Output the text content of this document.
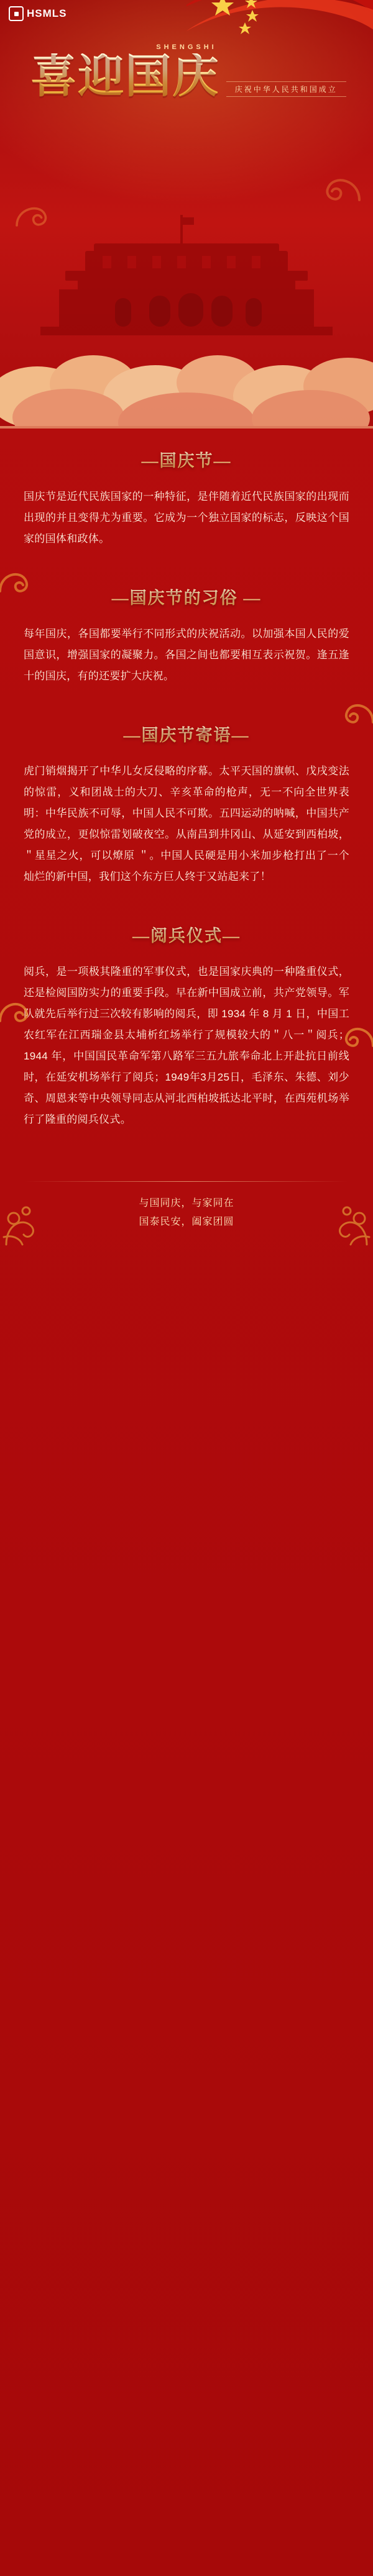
HSMLS
SHENGSHI
喜迎国庆 庆祝中华人民共和国成立
—国庆节—

国庆节是近代民族国家的一种特征，是伴随着近代民族国家的出现而出现的并且变得尤为重要。它成为一个独立国家的标志，反映这个国家的国体和政体。

—国庆节的习俗 —

每年国庆，各国都要举行不同形式的庆祝活动。以加强本国人民的爱国意识，增强国家的凝聚力。各国之间也都要相互表示祝贺。逢五逢十的国庆，有的还要扩大庆祝。

—国庆节寄语—

虎门销烟揭开了中华儿女反侵略的序幕。太平天国的旗帜、戊戌变法的惊雷，义和团战士的大刀、辛亥革命的枪声，无一不向全世界表明：中华民族不可辱，中国人民不可欺。五四运动的呐喊，中国共产党的成立，更似惊雷划破夜空。从南昌到井冈山、从延安到西柏坡，＂星星之火，可以燎原 ＂。中国人民硬是用小米加步枪打出了一个灿烂的新中国，我们这个东方巨人终于又站起来了！

—阅兵仪式—

阅兵，是一项极其隆重的军事仪式，也是国家庆典的一种隆重仪式，还是检阅国防实力的重要手段。早在新中国成立前，共产党领导。军队就先后举行过三次较有影响的阅兵，即 1934 年 8 月 1 日，中国工农红军在江西瑞金县太埔析红场举行了规模较大的＂八一＂阅兵；1944 年，中国国民革命军第八路军三五九旅奉命北上开赴抗日前线时，在延安机场举行了阅兵；1949年3月25日，毛泽东、朱德、刘少奇、周恩来等中央领导同志从河北西柏坡抵达北平时，在西苑机场举行了隆重的阅兵仪式。

与国同庆，与家同在
国泰民安，阖家团圆
